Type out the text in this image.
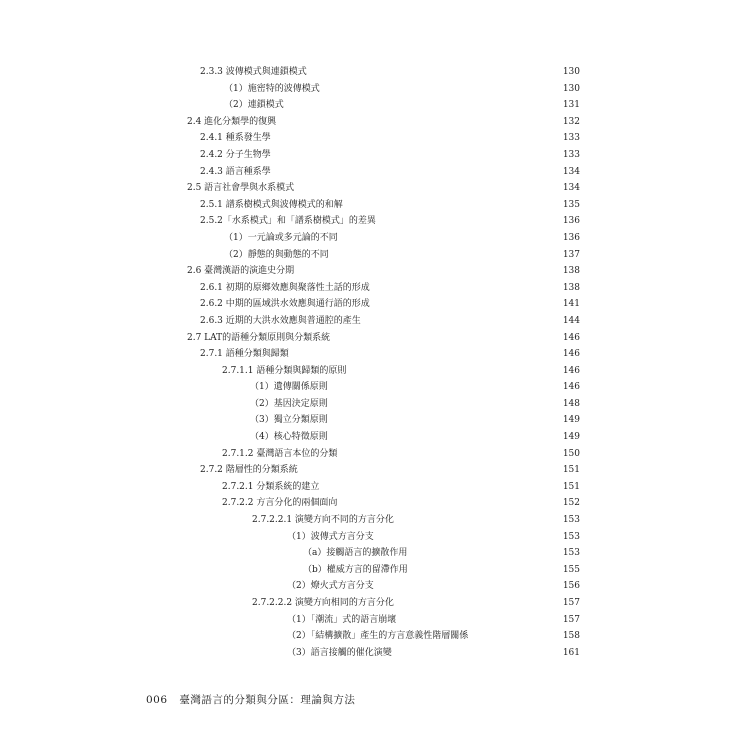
2.3.3 波傳模式與連鎖模式	130
（1）施密特的波傳模式	130
（2）連鎖模式	131
2.4 進化分類學的復興	132
2.4.1 種系發生學	133
2.4.2 分子生物學	133
2.4.3 語言種系學	134
2.5 語言社會學與水系模式	134
2.5.1 譜系樹模式與波傳模式的和解	135
2.5.2「水系模式」和「譜系樹模式」的差異	136
（1）一元論或多元論的不同	136
（2）靜態的與動態的不同	137
2.6 臺灣漢語的演進史分期	138
2.6.1 初期的原鄉效應與聚落性土話的形成	138
2.6.2 中期的區域洪水效應與通行語的形成	141
2.6.3 近期的大洪水效應與普通腔的產生	144
2.7 LAT的語種分類原則與分類系統	146
2.7.1 語種分類與歸類	146
2.7.1.1 語種分類與歸類的原則	146
（1）遺傳關係原則	146
（2）基因決定原則	148
（3）獨立分類原則	149
（4）核心特徵原則	149
2.7.1.2 臺灣語言本位的分類	150
2.7.2 階層性的分類系統	151
2.7.2.1 分類系統的建立	151
2.7.2.2 方言分化的兩個面向	152
2.7.2.2.1 演變方向不同的方言分化	153
（1）波傳式方言分支	153
（a）接觸語言的擴散作用	153
（b）權威方言的留滯作用	155
（2）燎火式方言分支	156
2.7.2.2.2 演變方向相同的方言分化	157
（1）「潮流」式的語言崩壞	157
（2）「結構擴散」產生的方言意義性階層關係	158
（3）語言接觸的催化演變	161
006 臺灣語言的分類與分區：理論與方法
